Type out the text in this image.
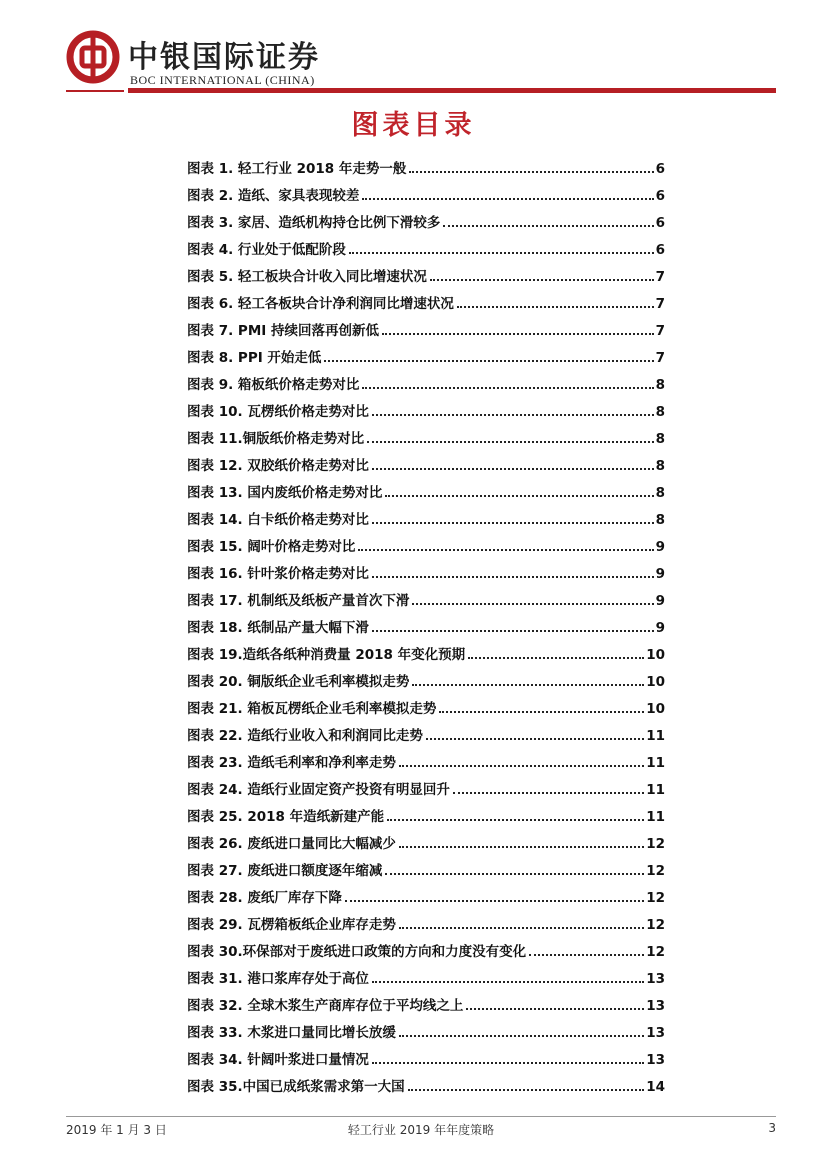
中银国际证券
BOC INTERNATIONAL (CHINA)
图表目录
图表 1. 轻工行业 2018 年走势一般	6
图表 2. 造纸、家具表现较差	6
图表 3. 家居、造纸机构持仓比例下滑较多	6
图表 4. 行业处于低配阶段	6
图表 5. 轻工板块合计收入同比增速状况	7
图表 6. 轻工各板块合计净利润同比增速状况	7
图表 7. PMI 持续回落再创新低	7
图表 8. PPI 开始走低	7
图表 9. 箱板纸价格走势对比	8
图表 10. 瓦楞纸价格走势对比	8
图表 11.铜版纸价格走势对比	8
图表 12. 双胶纸价格走势对比	8
图表 13. 国内废纸价格走势对比	8
图表 14. 白卡纸价格走势对比	8
图表 15. 阔叶价格走势对比	9
图表 16. 针叶浆价格走势对比	9
图表 17. 机制纸及纸板产量首次下滑	9
图表 18. 纸制品产量大幅下滑	9
图表 19.造纸各纸种消费量 2018 年变化预期	10
图表 20. 铜版纸企业毛利率模拟走势	10
图表 21. 箱板瓦楞纸企业毛利率模拟走势	10
图表 22. 造纸行业收入和利润同比走势	11
图表 23. 造纸毛利率和净利率走势	11
图表 24. 造纸行业固定资产投资有明显回升	11
图表 25. 2018 年造纸新建产能	11
图表 26. 废纸进口量同比大幅减少	12
图表 27. 废纸进口额度逐年缩减	12
图表 28. 废纸厂库存下降	12
图表 29. 瓦楞箱板纸企业库存走势	12
图表 30.环保部对于废纸进口政策的方向和力度没有变化	12
图表 31. 港口浆库存处于高位	13
图表 32. 全球木浆生产商库存位于平均线之上	13
图表 33. 木浆进口量同比增长放缓	13
图表 34. 针阔叶浆进口量情况	13
图表 35.中国已成纸浆需求第一大国	14
2019 年 1 月 3 日	轻工行业 2019 年年度策略	3
